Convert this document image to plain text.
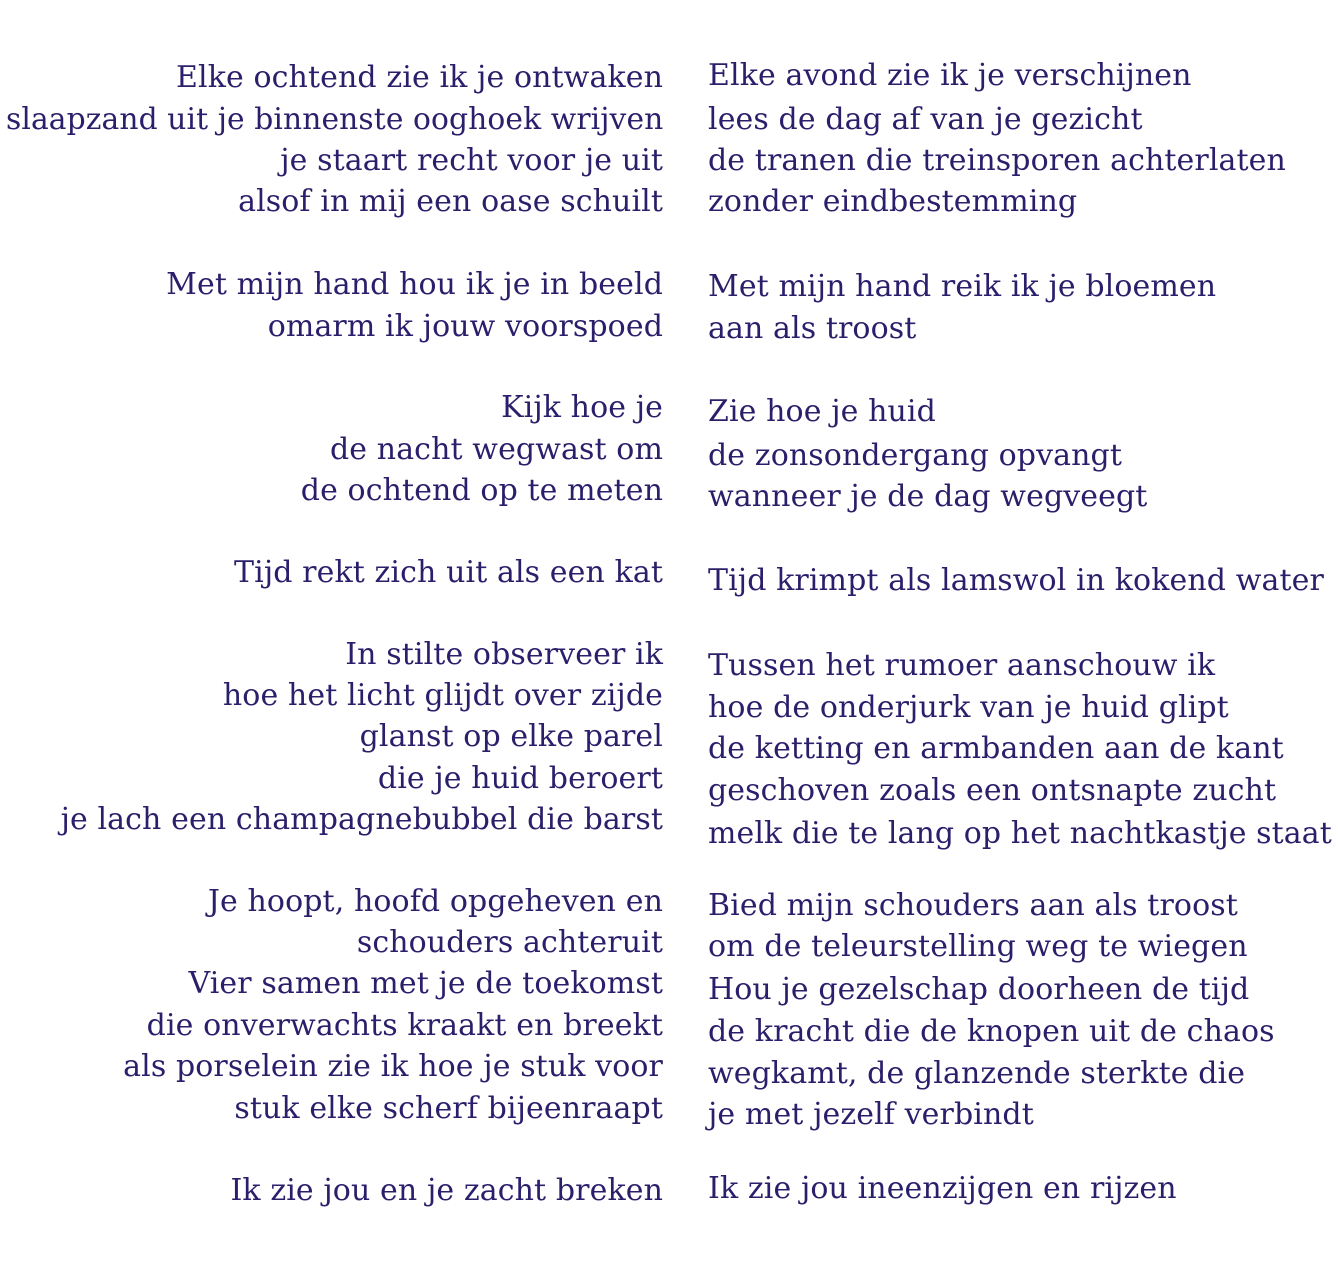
Elke ochtend zie ik je ontwaken
slaapzand uit je binnenste ooghoek wrijven
je staart recht voor je uit
alsof in mij een oase schuilt
Met mijn hand hou ik je in beeld
omarm ik jouw voorspoed
Kijk hoe je
de nacht wegwast om
de ochtend op te meten
Tijd rekt zich uit als een kat
In stilte observeer ik
hoe het licht glijdt over zijde
glanst op elke parel
die je huid beroert
je lach een champagnebubbel die barst
Je hoopt, hoofd opgeheven en
schouders achteruit
Vier samen met je de toekomst
die onverwachts kraakt en breekt
als porselein zie ik hoe je stuk voor
stuk elke scherf bijeenraapt
Ik zie jou en je zacht breken
Elke avond zie ik je verschijnen
lees de dag af van je gezicht
de tranen die treinsporen achterlaten
zonder eindbestemming
Met mijn hand reik ik je bloemen
aan als troost
Zie hoe je huid
de zonsondergang opvangt
wanneer je de dag wegveegt
Tijd krimpt als lamswol in kokend water
Tussen het rumoer aanschouw ik
hoe de onderjurk van je huid glipt
de ketting en armbanden aan de kant
geschoven zoals een ontsnapte zucht
melk die te lang op het nachtkastje staat
Bied mijn schouders aan als troost
om de teleurstelling weg te wiegen
Hou je gezelschap doorheen de tijd
de kracht die de knopen uit de chaos
wegkamt, de glanzende sterkte die
je met jezelf verbindt
Ik zie jou ineenzijgen en rijzen
